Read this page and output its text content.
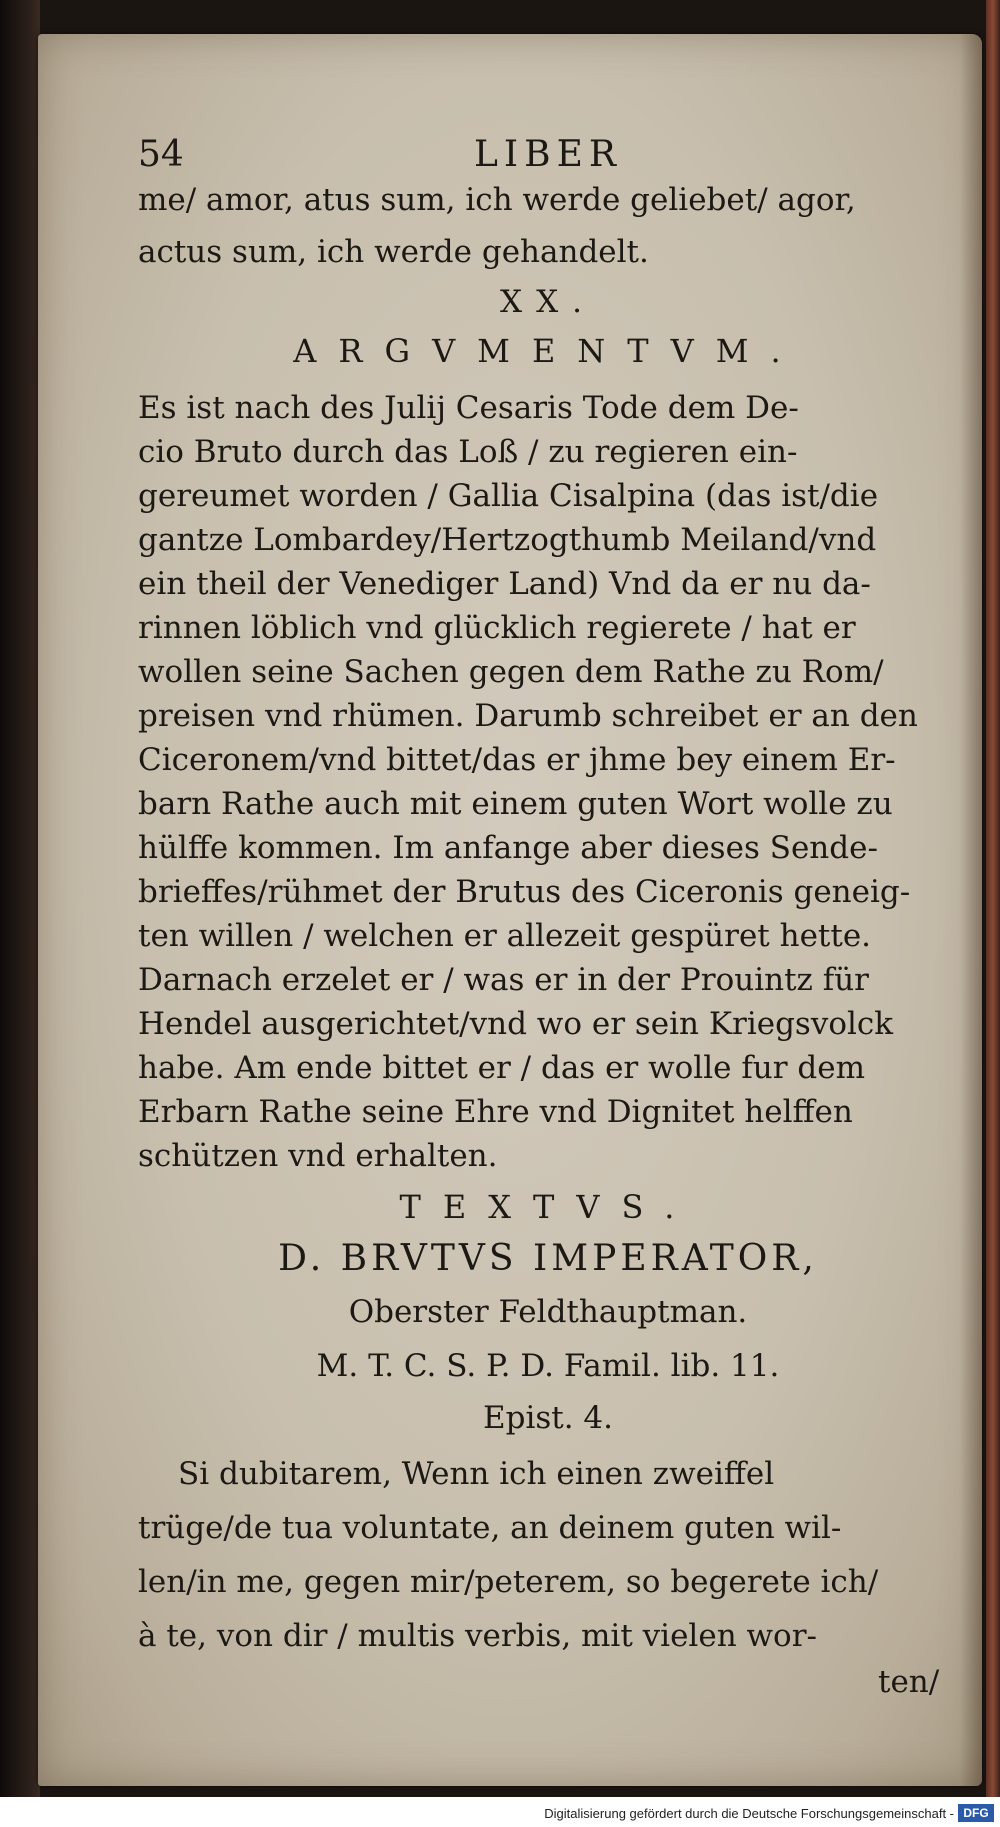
54	LIBER
me/ amor, atus sum, ich werde geliebet/ agor,
actus sum, ich werde gehandelt.
XX.
ARGVMENTVM.
Es ist nach des Julij Cesaris Tode dem De-
cio Bruto durch das Loß / zu regieren ein-
gereumet worden / Gallia Cisalpina (das ist/die
gantze Lombardey/Hertzogthumb Meiland/vnd
ein theil der Venediger Land) Vnd da er nu da-
rinnen löblich vnd glücklich regierete / hat er
wollen seine Sachen gegen dem Rathe zu Rom/
preisen vnd rhümen. Darumb schreibet er an den
Ciceronem/vnd bittet/das er jhme bey einem Er-
barn Rathe auch mit einem guten Wort wolle zu
hülffe kommen. Im anfange aber dieses Sende-
brieffes/rühmet der Brutus des Ciceronis geneig-
ten willen / welchen er allezeit gespüret hette.
Darnach erzelet er / was er in der Prouintz für
Hendel ausgerichtet/vnd wo er sein Kriegsvolck
habe. Am ende bittet er / das er wolle fur dem
Erbarn Rathe seine Ehre vnd Dignitet helffen
schützen vnd erhalten.
TEXTVS.
D. BRVTVS IMPERATOR,
Oberster Feldthauptman.
M. T. C. S. P. D. Famil. lib. 11.
Epist. 4.
Si dubitarem, Wenn ich einen zweiffel
trüge/de tua voluntate, an deinem guten wil-
len/in me, gegen mir/peterem, so begerete ich/
à te, von dir / multis verbis, mit vielen wor-
ten/
Digitalisierung gefördert durch die Deutsche Forschungsgemeinschaft - DFG
